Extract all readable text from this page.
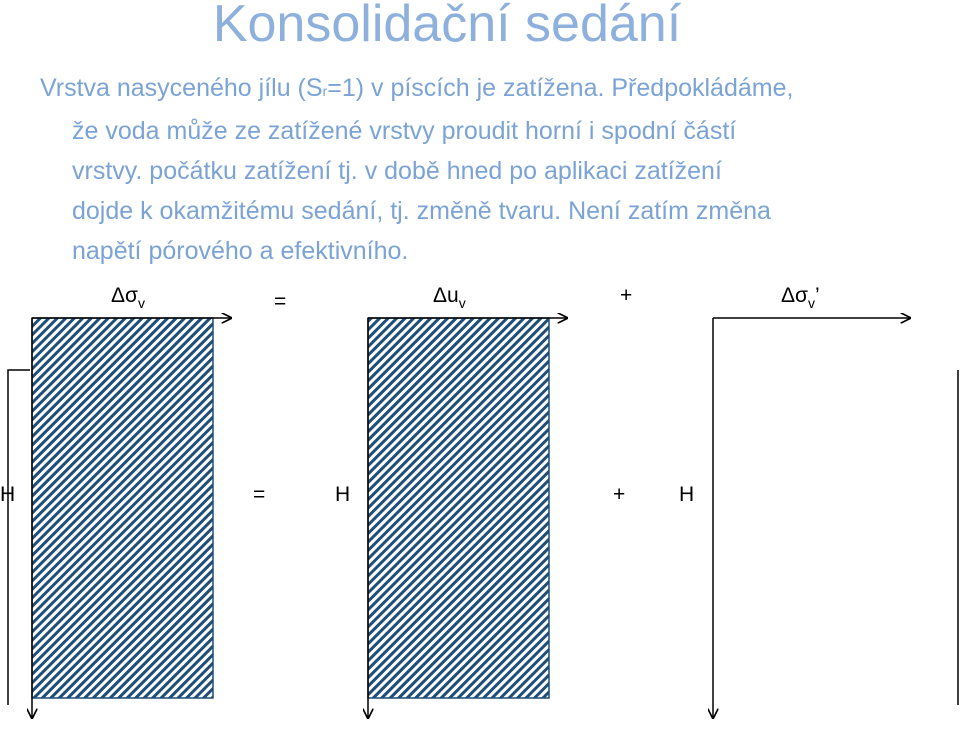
Konsolidační sedání
Vrstva nasyceného jílu (Sr=1) v píscích je zatížena. Předpokládáme,
že voda může ze zatížené vrstvy proudit horní i spodní částí
vrstvy. počátku zatížení tj. v době hned po aplikaci zatížení
dojde k okamžitému sedání, tj. změně tvaru. Není zatím změna
napětí pórového a efektivního.
$\Delta\sigma_v$	=	$\Delta u_v$	+	$\Delta\sigma_v$’
H	=	H	+	H
